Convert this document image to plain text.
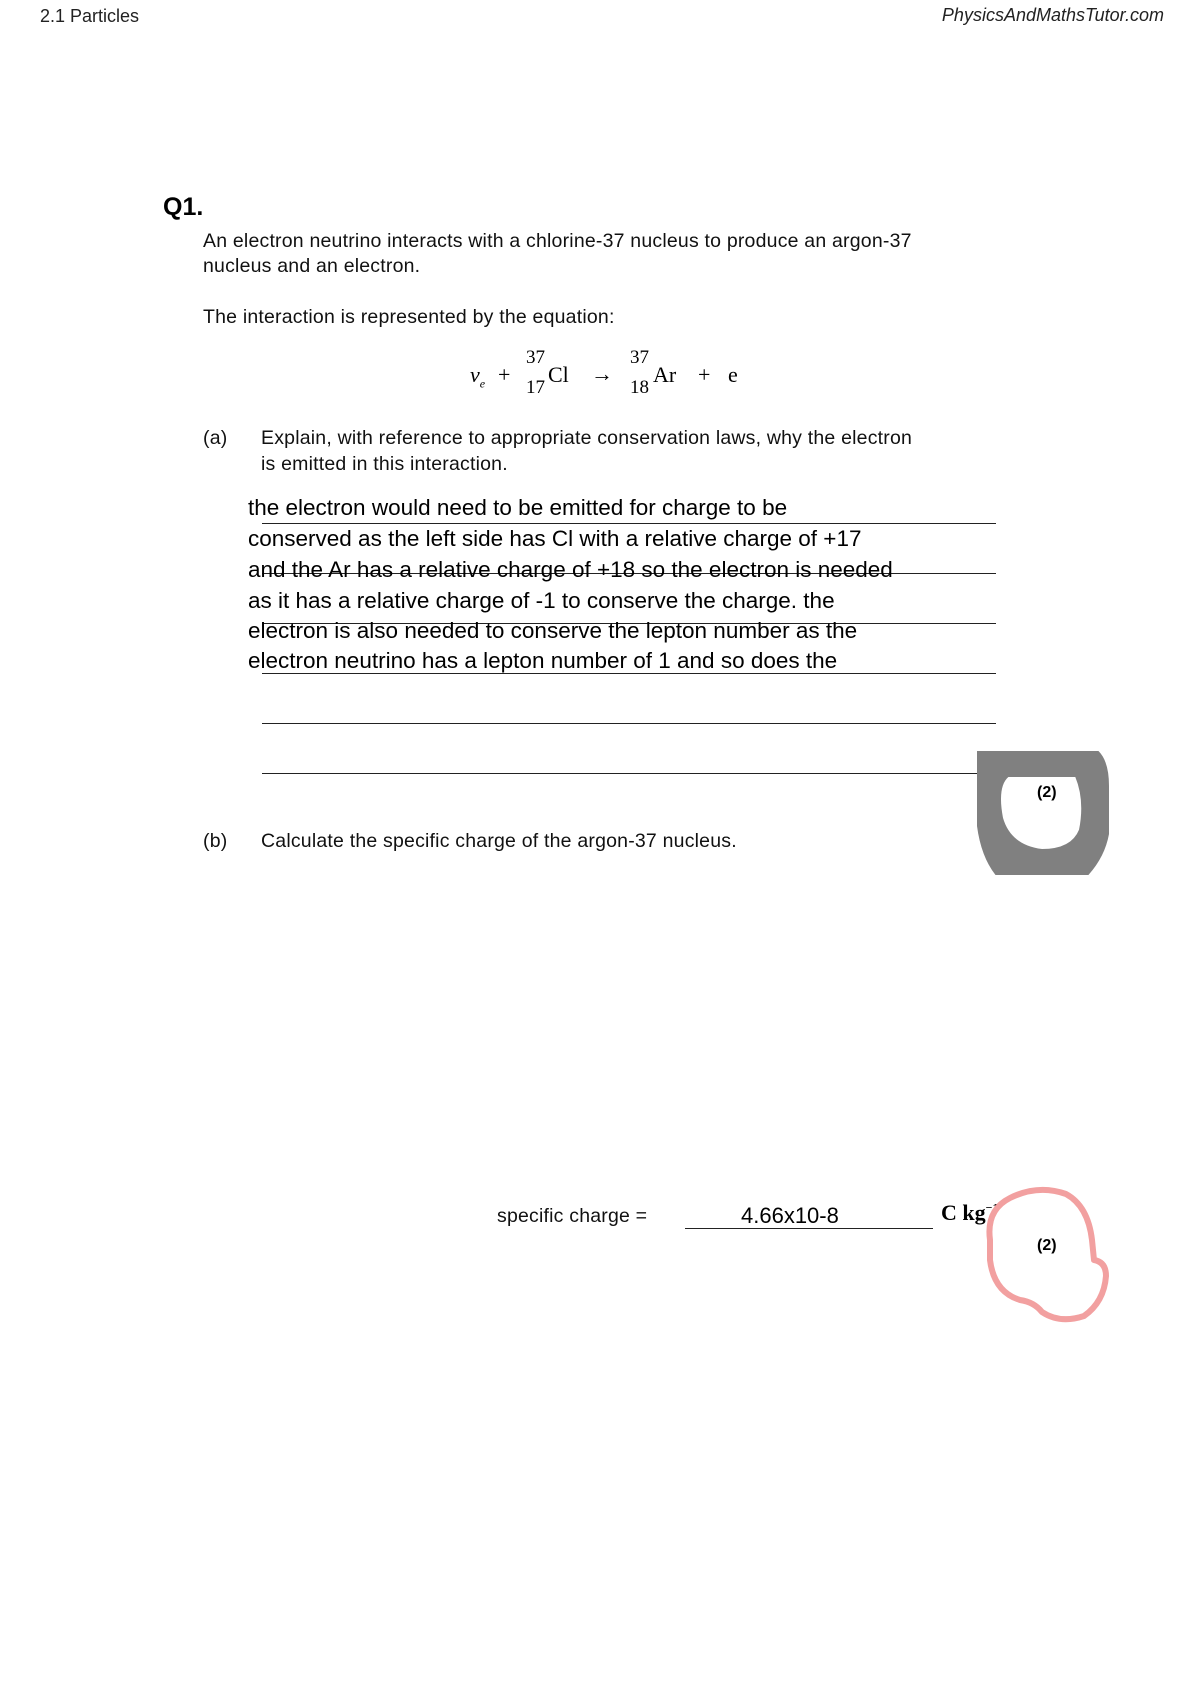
2.1 Particles	PhysicsAndMathsTutor.com
Q1.
An electron neutrino interacts with a chlorine-37 nucleus to produce an argon-37
nucleus and an electron.
The interaction is represented by the equation:
$\nu_e$ +
37
17
Cl →
37
18
Ar + e
(a) Explain, with reference to appropriate conservation laws, why the electron
is emitted in this interaction.
the electron would need to be emitted for charge to be
conserved as the left side has Cl with a relative charge of +17
and the Ar has a relative charge of +18 so the electron is needed
as it has a relative charge of -1 to conserve the charge. the
electron is also needed to conserve the lepton number as the
electron neutrino has a lepton number of 1 and so does the
(2)
(b) Calculate the specific charge of the argon-37 nucleus.
specific charge =	4.66x10-8	C $kg^{-1}$
(2)
